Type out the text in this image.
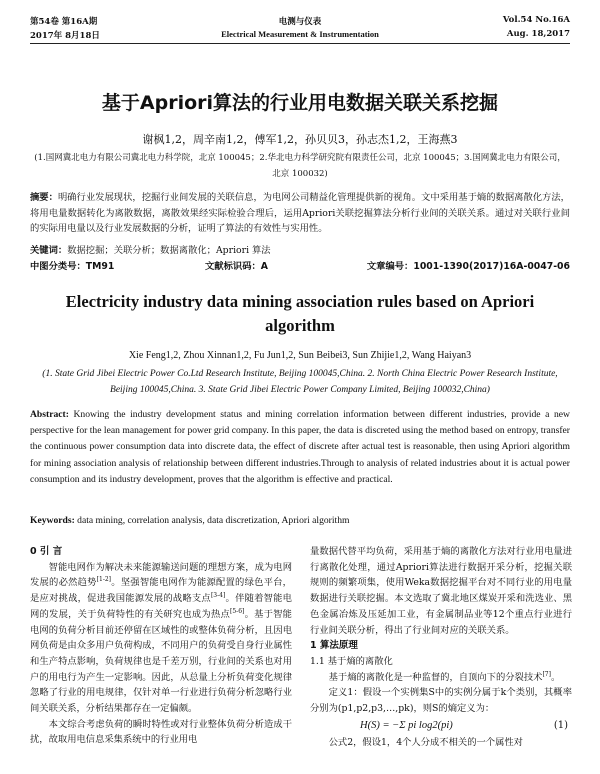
第54卷 第16A期	电测与仪表	Vol.54 No.16A
2017年 8月18日	Electrical Measurement & Instrumentation	Aug. 18,2017
基于Apriori算法的行业用电数据关联关系挖掘
谢枫1,2，周辛南1,2，傅军1,2，孙贝贝3，孙志杰1,2，王海燕3
(1.国网冀北电力有限公司冀北电力科学院，北京 100045；2.华北电力科学研究院有限责任公司，北京 100045；3.国网冀北电力有限公司，北京 100032)
摘要：明确行业发展现状，挖掘行业间发展的关联信息，为电网公司精益化管理提供新的视角。文中采用基于熵的数据离散化方法，将用电量数据转化为离散数据，离散效果经实际检验合理后，运用Apriori关联挖掘算法分析行业间的关联关系。通过对关联行业间的实际用电量以及行业发展数据的分析，证明了算法的有效性与实用性。
关键词：数据挖掘；关联分析；数据离散化；Apriori 算法
中图分类号：TM91	文献标识码：A	文章编号：1001-1390(2017)16A-0047-06
Electricity industry data mining association rules based on Apriori algorithm
Xie Feng1,2, Zhou Xinnan1,2, Fu Jun1,2, Sun Beibei3, Sun Zhijie1,2, Wang Haiyan3
(1. State Grid Jibei Electric Power Co.Ltd Research Institute, Beijing 100045,China. 2. North China Electric Power Research Institute, Beijing 100045,China. 3. State Grid Jibei Electric Power Company Limited, Beijing 100032,China)
Abstract: Knowing the industry development status and mining correlation information between different industries, provide a new perspective for the lean management for power grid company. In this paper, the data is discreted using the method based on entropy, transfer the continuous power consumption data into discrete data, the effect of discrete after actual test is reasonable, then using Apriori algorithm for mining association analysis of relationship between different industries.Through to analysis of related industries about it is actual power consumption and its industry development, proves that the algorithm is effective and practical.
Keywords: data mining, correlation analysis, data discretization, Apriori algorithm

0 引 言

智能电网作为解决未来能源输送问题的理想方案，成为电网发展的必然趋势[1-2]。坚强智能电网作为能源配置的绿色平台，是应对挑战，促进我国能源发展的战略支点[3-4]。伴随着智能电网的发展，关于负荷特性的有关研究也成为热点[5-6]。基于智能电网的负荷分析目前还停留在区域性的或整体负荷分析，且因电网负荷是由众多用户负荷构成，不同用户的负荷受自身行业属性和生产特点影响，负荷规律也是千差万别，行业间的关系也对用户的用电行为产生一定影响。因此，从总量上分析负荷变化规律忽略了行业的用电规律，仅针对单一行业进行负荷分析忽略行业间关联关系，分析结果都存在一定偏颇。

本文综合考虑负荷的瞬时特性或对行业整体负荷分析造成干扰，故取用电信息采集系统中的行业用电

量数据代替平均负荷，采用基于熵的离散化方法对行业用电量进行离散化处理，通过Apriori算法进行数据开采分析，挖掘关联规则的频繁项集，使用Weka数据挖掘平台对不同行业的用电量数据进行关联挖掘。本文选取了冀北地区煤炭开采和洗选业、黑色金属冶炼及压延加工业，有金属制品业等12个重点行业进行行业间关联分析，得出了行业间对应的关联关系。

1 算法原理

1.1 基于熵的离散化

基于熵的离散化是一种监督的，自顶向下的分裂技术[7]。

定义1：假设一个实例集S中的实例分属于k个类别，其概率分别为(p1,p2,p3,…,pk)，则S的熵定义为：

H(S) = −Σ pi log2(pi)	(1)

公式2，假设1，4个人分成不相关的一个属性对
